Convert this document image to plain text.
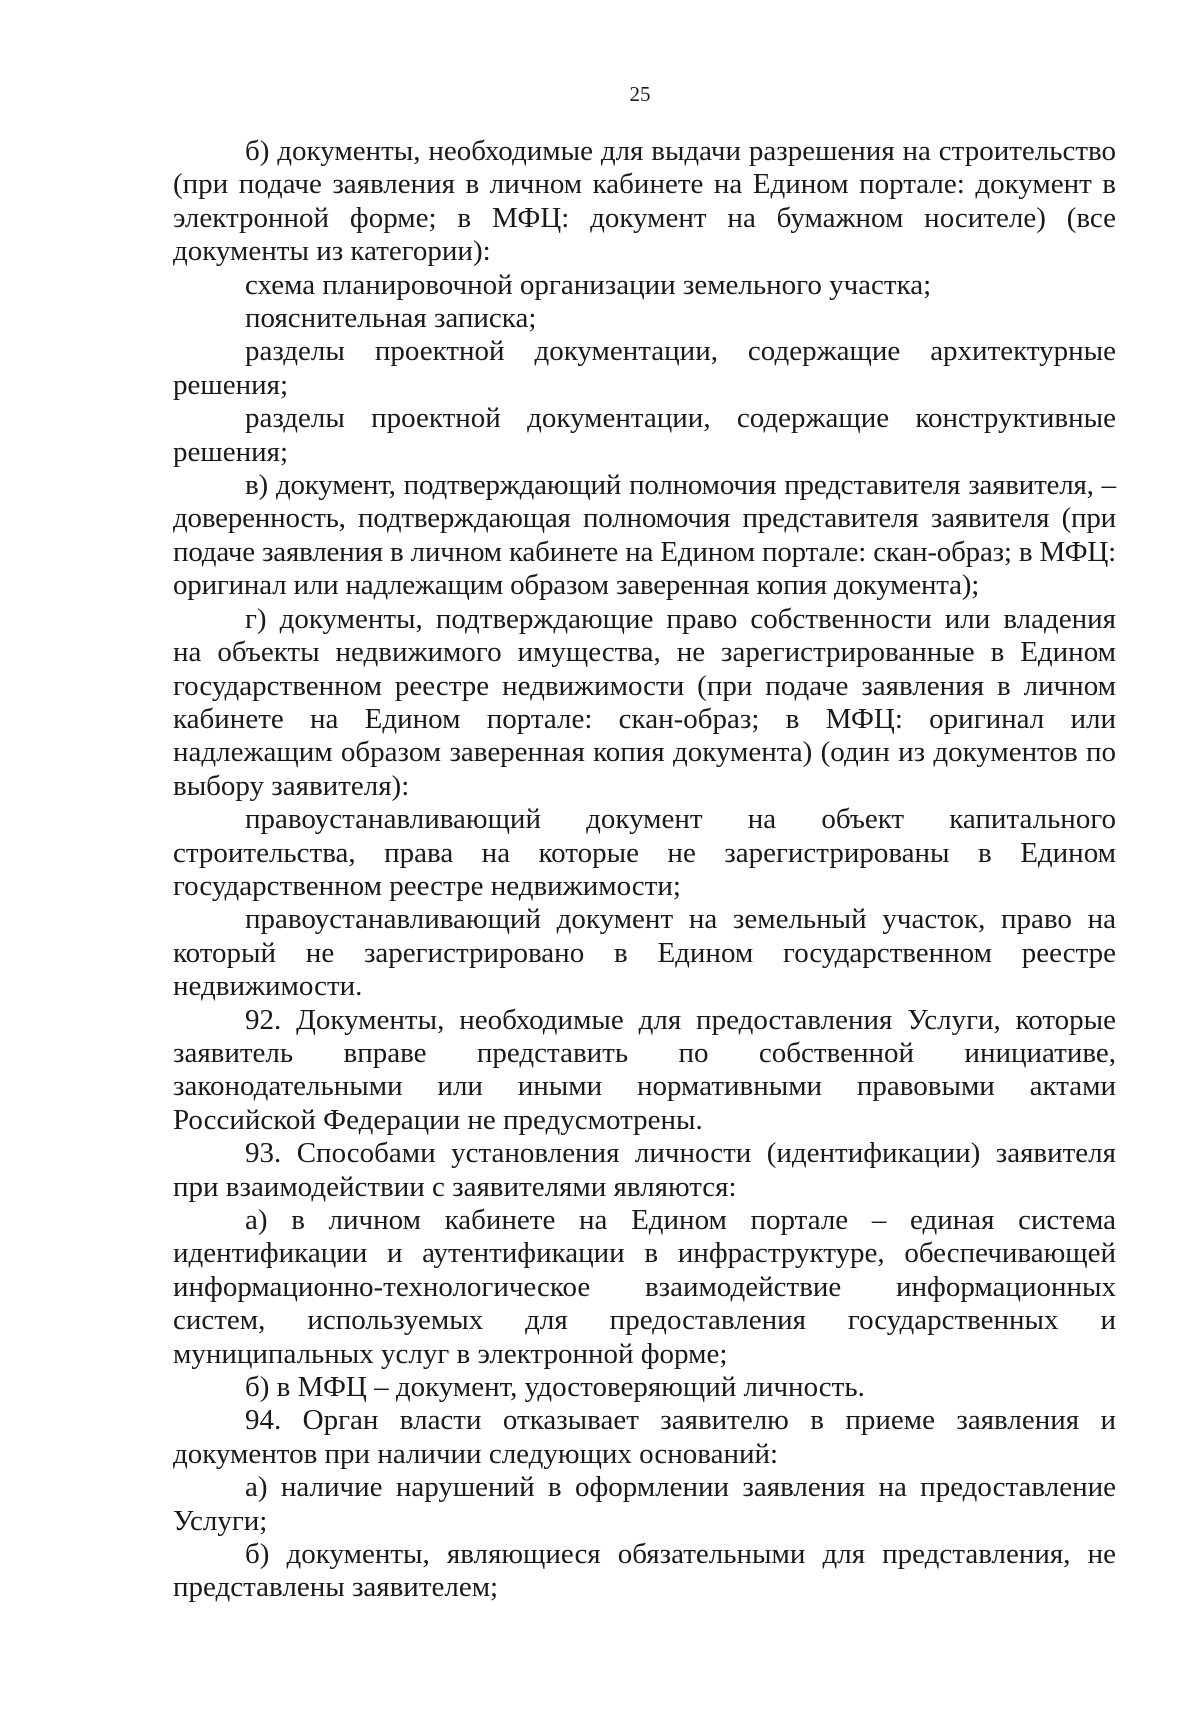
25

б) документы, необходимые для выдачи разрешения на строительство (при подаче заявления в личном кабинете на Едином портале: документ в электронной форме; в МФЦ: документ на бумажном носителе) (все документы из категории):

схема планировочной организации земельного участка;

пояснительная записка;

разделы проектной документации, содержащие архитектурные решения;

разделы проектной документации, содержащие конструктивные решения;

в) документ, подтверждающий полномочия представителя заявителя, – доверенность, подтверждающая полномочия представителя заявителя (при подаче заявления в личном кабинете на Едином портале: скан-образ; в МФЦ: оригинал или надлежащим образом заверенная копия документа);

г) документы, подтверждающие право собственности или владения на объекты недвижимого имущества, не зарегистрированные в Едином государственном реестре недвижимости (при подаче заявления в личном кабинете на Едином портале: скан-образ; в МФЦ: оригинал или надлежащим образом заверенная копия документа) (один из документов по выбору заявителя):

правоустанавливающий документ на объект капитального строительства, права на которые не зарегистрированы в Едином государственном реестре недвижимости;

правоустанавливающий документ на земельный участок, право на который не зарегистрировано в Едином государственном реестре недвижимости.

92. Документы, необходимые для предоставления Услуги, которые заявитель вправе представить по собственной инициативе, законодательными или иными нормативными правовыми актами Российской Федерации не предусмотрены.

93. Способами установления личности (идентификации) заявителя при взаимодействии с заявителями являются:

а) в личном кабинете на Едином портале – единая система идентификации и аутентификации в инфраструктуре, обеспечивающей информационно-технологическое взаимодействие информационных систем, используемых для предоставления государственных и муниципальных услуг в электронной форме;

б) в МФЦ – документ, удостоверяющий личность.

94. Орган власти отказывает заявителю в приеме заявления и документов при наличии следующих оснований:

а) наличие нарушений в оформлении заявления на предоставление Услуги;

б) документы, являющиеся обязательными для представления, не представлены заявителем;
